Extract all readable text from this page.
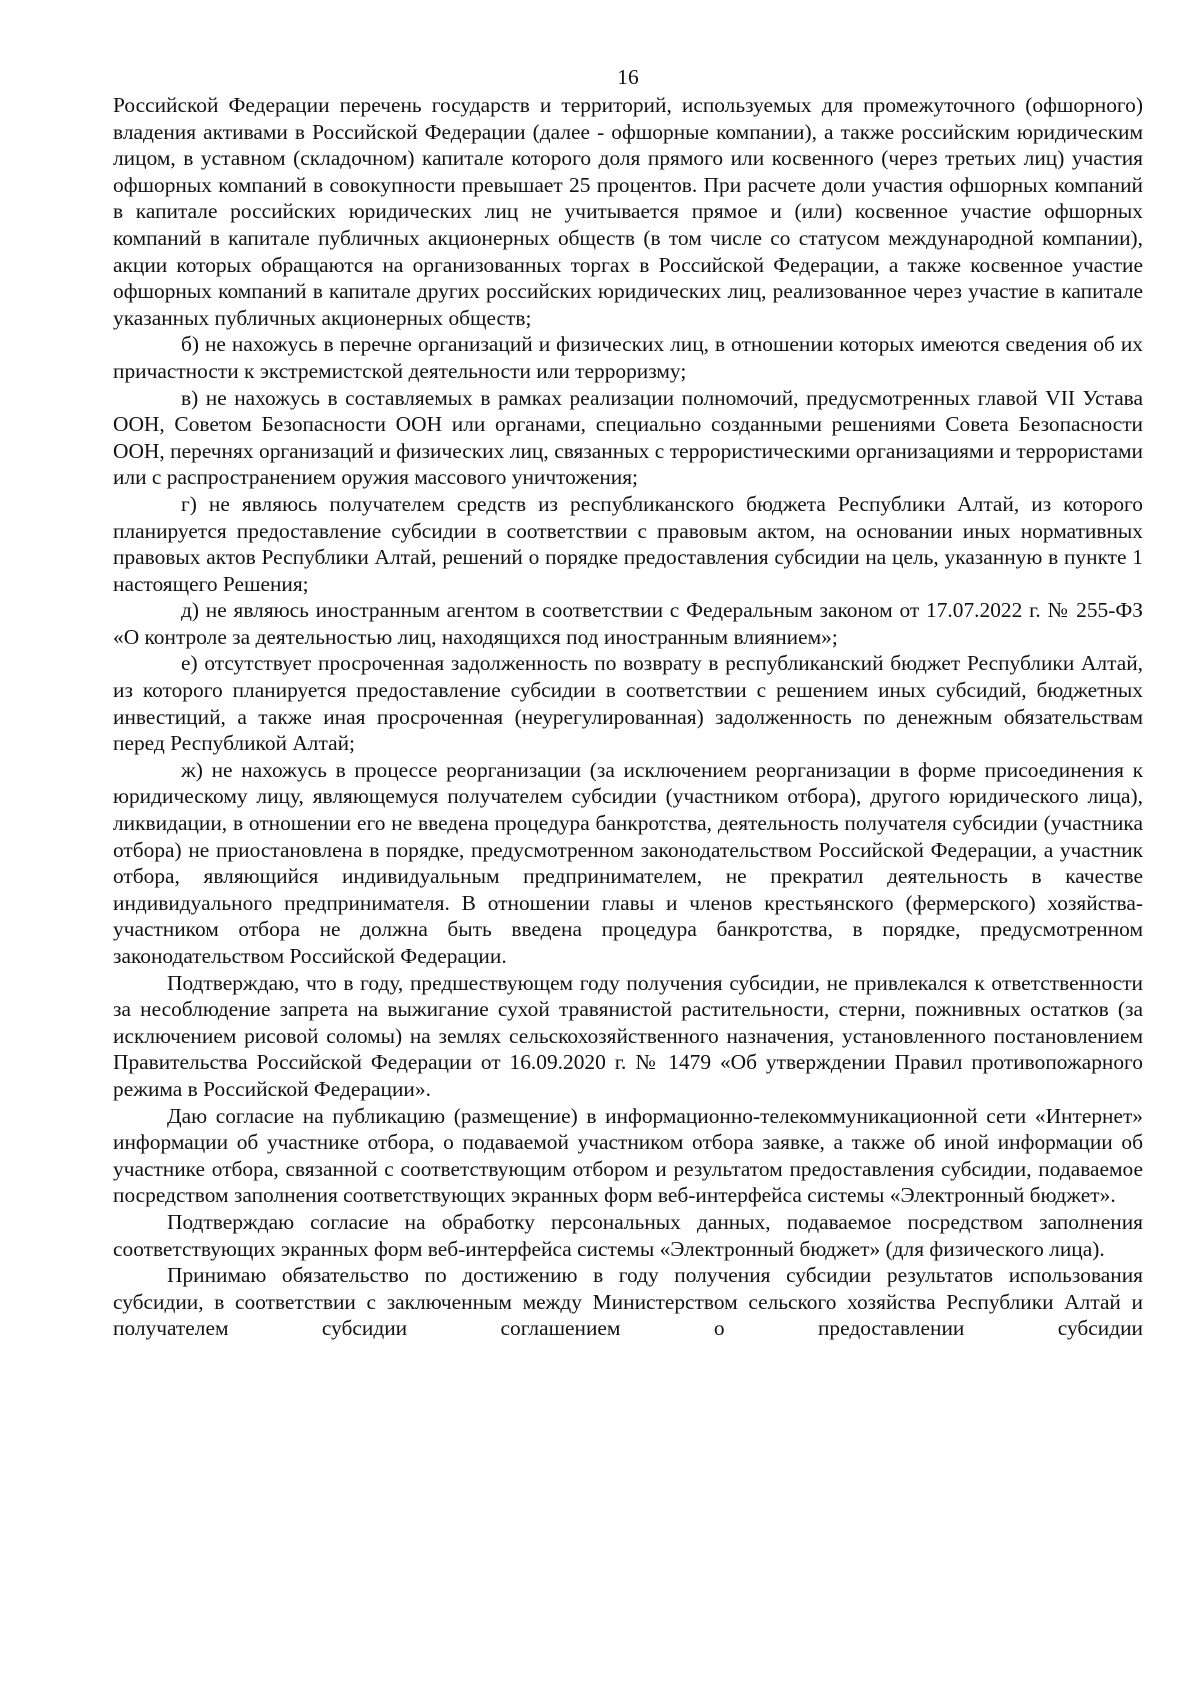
16

Российской Федерации перечень государств и территорий, используемых для промежуточного (офшорного) владения активами в Российской Федерации (далее - офшорные компании), а также российским юридическим лицом, в уставном (складочном) капитале которого доля прямого или косвенного (через третьих лиц) участия офшорных компаний в совокупности превышает 25 процентов. При расчете доли участия офшорных компаний в капитале российских юридических лиц не учитывается прямое и (или) косвенное участие офшорных компаний в капитале публичных акционерных обществ (в том числе со статусом международной компании), акции которых обращаются на организованных торгах в Российской Федерации, а также косвенное участие офшорных компаний в капитале других российских юридических лиц, реализованное через участие в капитале указанных публичных акционерных обществ;

б) не нахожусь в перечне организаций и физических лиц, в отношении которых имеются сведения об их причастности к экстремистской деятельности или терроризму;

в) не нахожусь в составляемых в рамках реализации полномочий, предусмотренных главой VII Устава ООН, Советом Безопасности ООН или органами, специально созданными решениями Совета Безопасности ООН, перечнях организаций и физических лиц, связанных с террористическими организациями и террористами или с распространением оружия массового уничтожения;

г) не являюсь получателем средств из республиканского бюджета Республики Алтай, из которого планируется предоставление субсидии в соответствии с правовым актом, на основании иных нормативных правовых актов Республики Алтай, решений о порядке предоставления субсидии на цель, указанную в пункте 1 настоящего Решения;

д) не являюсь иностранным агентом в соответствии с Федеральным законом от 17.07.2022 г. № 255-ФЗ «О контроле за деятельностью лиц, находящихся под иностранным влиянием»;

е) отсутствует просроченная задолженность по возврату в республиканский бюджет Республики Алтай, из которого планируется предоставление субсидии в соответствии с решением иных субсидий, бюджетных инвестиций, а также иная просроченная (неурегулированная) задолженность по денежным обязательствам перед Республикой Алтай;

ж) не нахожусь в процессе реорганизации (за исключением реорганизации в форме присоединения к юридическому лицу, являющемуся получателем субсидии (участником отбора), другого юридического лица), ликвидации, в отношении его не введена процедура банкротства, деятельность получателя субсидии (участника отбора) не приостановлена в порядке, предусмотренном законодательством Российской Федерации, а участник отбора, являющийся индивидуальным предпринимателем, не прекратил деятельность в качестве индивидуального предпринимателя. В отношении главы и членов крестьянского (фермерского) хозяйства-участником отбора не должна быть введена процедура банкротства, в порядке, предусмотренном законодательством Российской Федерации.

Подтверждаю, что в году, предшествующем году получения субсидии, не привлекался к ответственности за несоблюдение запрета на выжигание сухой травянистой растительности, стерни, пожнивных остатков (за исключением рисовой соломы) на землях сельскохозяйственного назначения, установленного постановлением Правительства Российской Федерации от 16.09.2020 г. № 1479 «Об утверждении Правил противопожарного режима в Российской Федерации».

Даю согласие на публикацию (размещение) в информационно-телекоммуникационной сети «Интернет» информации об участнике отбора, о подаваемой участником отбора заявке, а также об иной информации об участнике отбора, связанной с соответствующим отбором и результатом предоставления субсидии, подаваемое посредством заполнения соответствующих экранных форм веб-интерфейса системы «Электронный бюджет».

Подтверждаю согласие на обработку персональных данных, подаваемое посредством заполнения соответствующих экранных форм веб-интерфейса системы «Электронный бюджет» (для физического лица).

Принимаю обязательство по достижению в году получения субсидии результатов использования субсидии, в соответствии с заключенным между Министерством сельского хозяйства Республики Алтай и получателем субсидии соглашением о предоставлении субсидии
